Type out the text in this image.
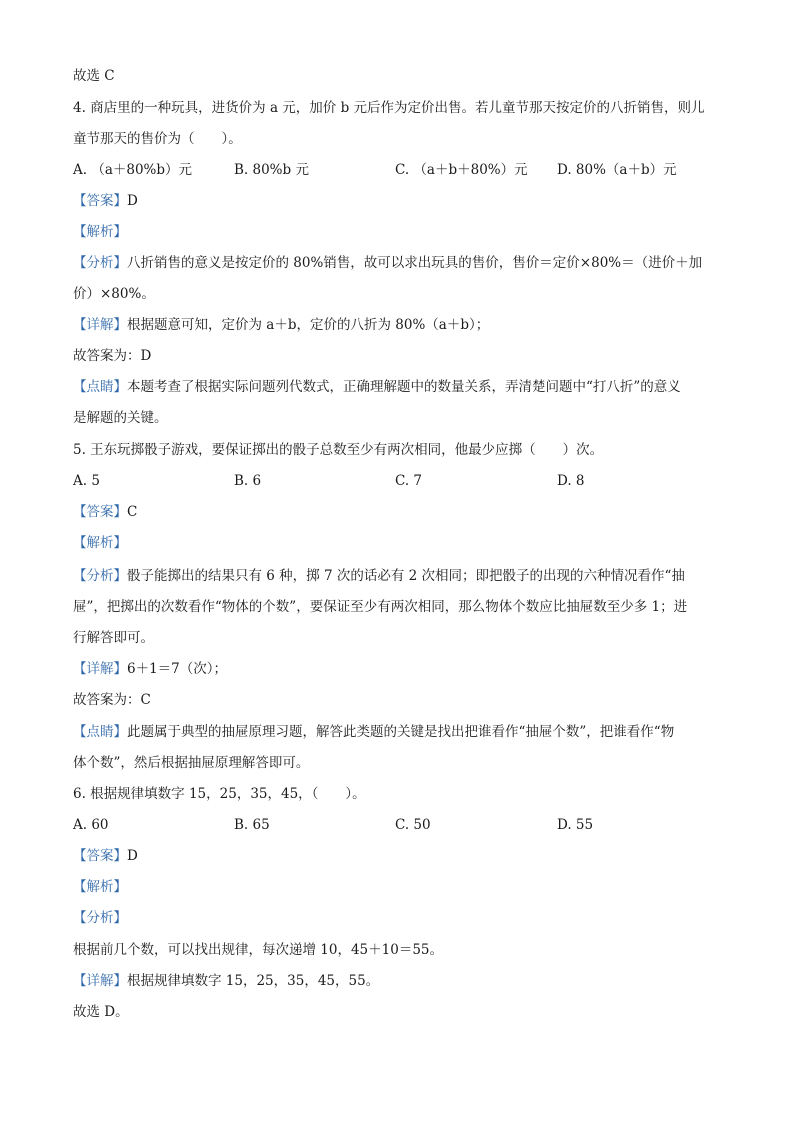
故选 C
4. 商店里的一种玩具，进货价为 a 元，加价 b 元后作为定价出售。若儿童节那天按定价的八折销售，则儿
童节那天的售价为（　　）。
A. （a＋80%b）元	B. 80%b 元	C. （a＋b＋80%）元 D. 80%（a＋b）元
【答案】D
【解析】
【分析】八折销售的意义是按定价的 80%销售，故可以求出玩具的售价，售价＝定价×80%＝（进价＋加
价）×80%。
【详解】根据题意可知，定价为 a＋b，定价的八折为 80%（a＋b）；
故答案为：D
【点睛】本题考查了根据实际问题列代数式，正确理解题中的数量关系，弄清楚问题中“打八折”的意义
是解题的关键。
5. 王东玩掷骰子游戏，要保证掷出的骰子总数至少有两次相同，他最少应掷（　　）次。
A. 5	B. 6	C. 7	D. 8
【答案】C
【解析】
【分析】骰子能掷出的结果只有 6 种，掷 7 次的话必有 2 次相同；即把骰子的出现的六种情况看作“抽
屉”，把掷出的次数看作“物体的个数”，要保证至少有两次相同，那么物体个数应比抽屉数至少多 1；进
行解答即可。
【详解】6＋1＝7（次）；
故答案为：C
【点睛】此题属于典型的抽屉原理习题，解答此类题的关键是找出把谁看作“抽屉个数”，把谁看作“物
体个数”，然后根据抽屉原理解答即可。
6. 根据规律填数字 15，25，35，45，（　　）。
A. 60	B. 65	C. 50	D. 55
【答案】D
【解析】
【分析】
根据前几个数，可以找出规律，每次递增 10，45＋10＝55。
【详解】根据规律填数字 15，25，35，45，55。
故选 D。
